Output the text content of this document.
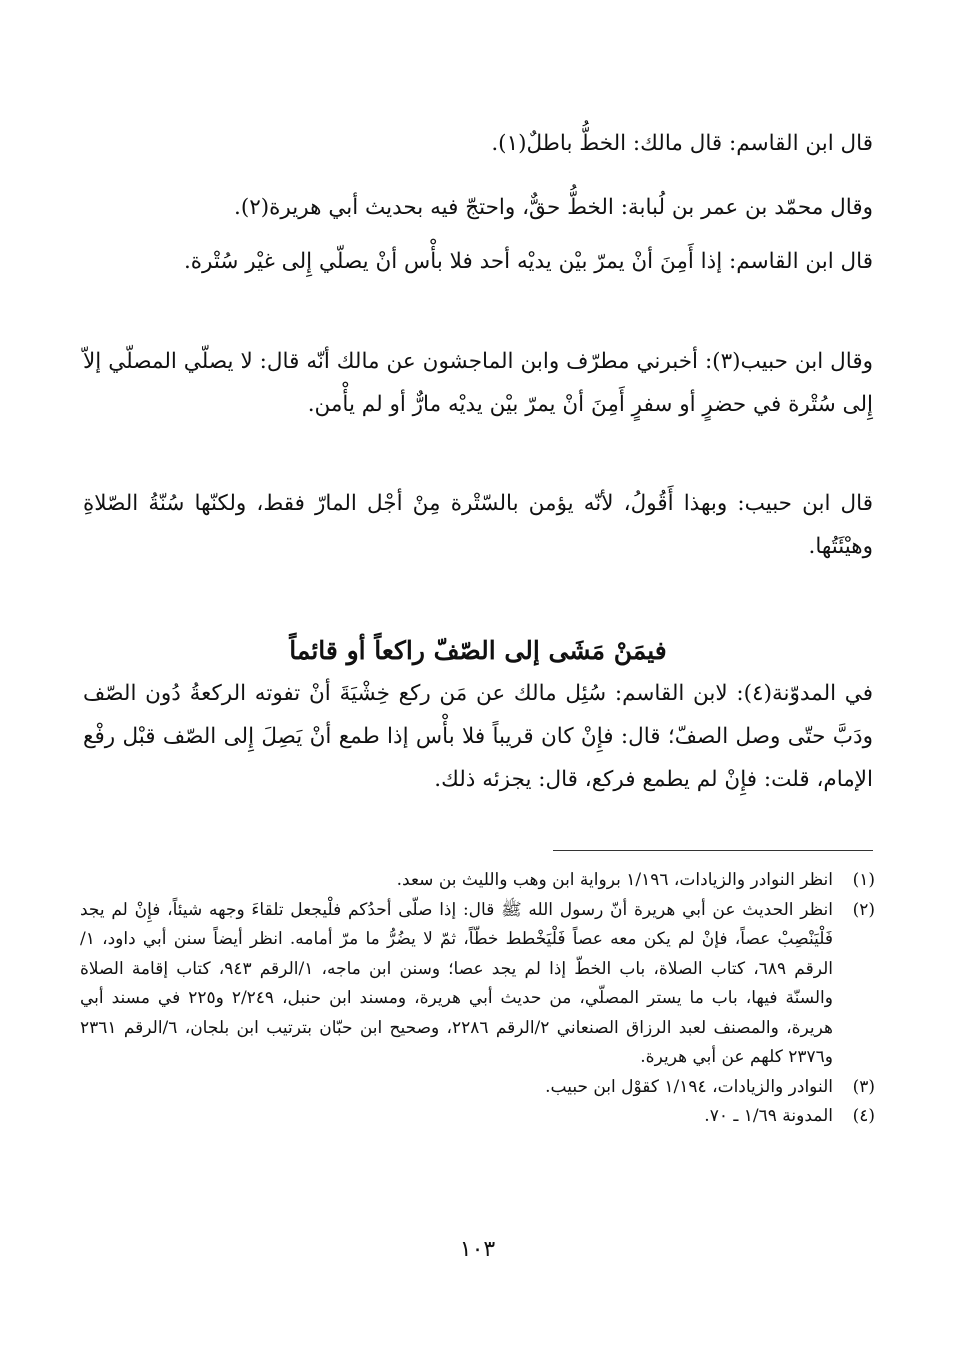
قال ابن القاسم: قال مالك: الخطُّ باطلٌ(١).

وقال محمّد بن عمر بن لُبابة: الخطُّ حقٌّ، واحتجّ فيه بحديث أبي هريرة(٢).

قال ابن القاسم: إذا أَمِنَ أنْ يمرّ بيْن يديْه أحد فلا بأْس أنْ يصلّي إِلى غيْر سُتْرة.

وقال ابن حبيب(٣): أخبرني مطرّف وابن الماجشون عن مالك أنّه قال: لا يصلّي المصلّي إلاّ إِلى سُتْرة في حضرٍ أو سفرٍ أَمِنَ أنْ يمرّ بيْن يديْه مارٌّ أو لم يأْمن.

قال ابن حبيب: وبهذا أَقُولُ، لأنّه يؤمن بالسّتْرة مِنْ أجْل المارّ فقط، ولكنّها سُنّةُ الصّلاةِ وهيْئَتُها.

فيمَنْ مَشَى إلى الصّفّ راكعاً أو قائماً

في المدوّنة(٤): لابن القاسم: سُئِل مالك عن مَن ركع خِشْيَةَ أنْ تفوته الركعةُ دُون الصّف ودَبَّ حتّى وصل الصفّ؛ قال: فإِنْ كان قريباً فلا بأْس إذا طمع أنْ يَصِلَ إِلى الصّف قبْل رفْع الإمام، قلت: فإِنْ لم يطمع فركع، قال: يجزئه ذلك.

(١)
انظر النوادر والزيادات، ١/١٩٦ برواية ابن وهب والليث بن سعد.
(٢)
انظر الحديث عن أبي هريرة أنّ رسول الله ﷺ قال: إذا صلّى أحدُكم فلْيجعل تلقاءَ وجهه شيئاً، فإِنْ لم يجد فَلْيَنْصِبْ عصاً، فإنْ لم يكن معه عصاً فَلْيَخْطط خطّاً، ثمّ لا يضُرُّ ما مرّ أمامه. انظر أيضاً سنن أبي داود، ١/الرقم ٦٨٩، كتاب الصلاة، باب الخطّ إذا لم يجد عصا؛ وسنن ابن ماجه، ١/الرقم ٩٤٣، كتاب إقامة الصلاة والسنّة فيها، باب ما يستر المصلّي، من حديث أبي هريرة، ومسند ابن حنبل، ٢/٢٤٩ و٢٢٥ في مسند أبي هريرة، والمصنف لعبد الرزاق الصنعاني ٢/الرقم ٢٢٨٦، وصحيح ابن حبّان بترتيب ابن بلجان، ٦/الرقم ٢٣٦١ و٢٣٧٦ كلهم عن أبي هريرة.
(٣)
النوادر والزيادات، ١/١٩٤ كقوْل ابن حبيب.
(٤)
المدونة ١/٦٩ ـ ٧٠.
١٠٣
